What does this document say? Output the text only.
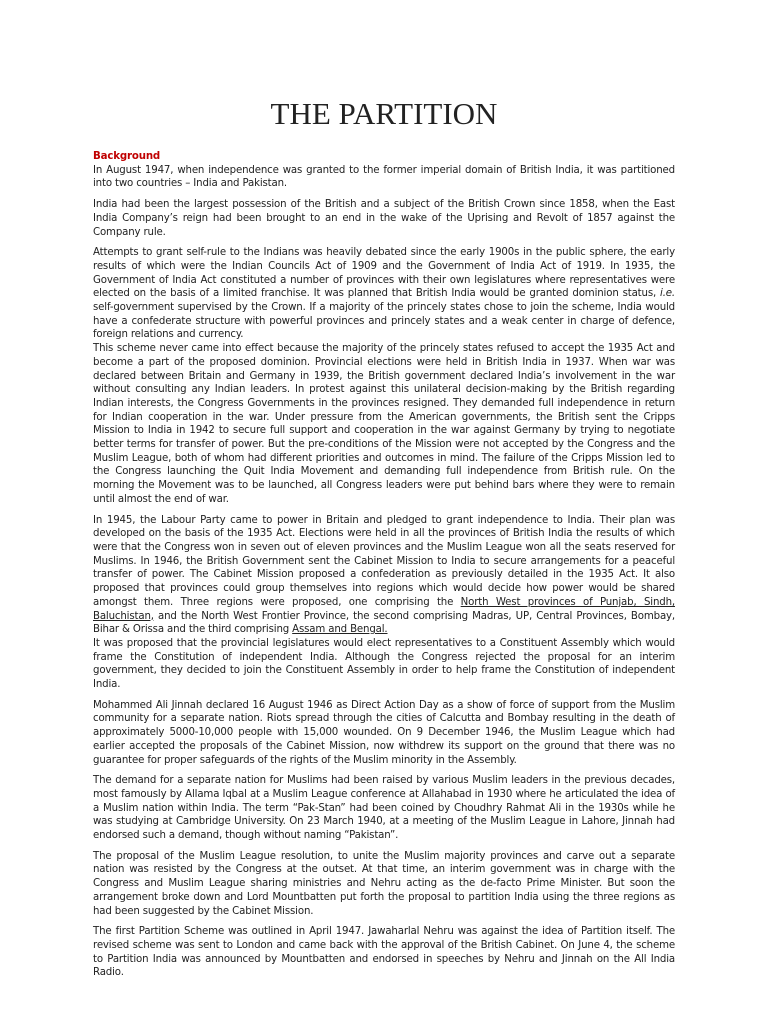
THE PARTITION
Background

In August 1947, when independence was granted to the former imperial domain of British India, it was partitioned into two countries – India and Pakistan.

India had been the largest possession of the British and a subject of the British Crown since 1858, when the East India Company’s reign had been brought to an end in the wake of the Uprising and Revolt of 1857 against the Company rule.

Attempts to grant self-rule to the Indians was heavily debated since the early 1900s in the public sphere, the early results of which were the Indian Councils Act of 1909 and the Government of India Act of 1919. In 1935, the Government of India Act constituted a number of provinces with their own legislatures where representatives were elected on the basis of a limited franchise. It was planned that British India would be granted dominion status, i.e. self-government supervised by the Crown. If a majority of the princely states chose to join the scheme, India would have a confederate structure with powerful provinces and princely states and a weak center in charge of defence, foreign relations and currency.

This scheme never came into effect because the majority of the princely states refused to accept the 1935 Act and become a part of the proposed dominion. Provincial elections were held in British India in 1937. When war was declared between Britain and Germany in 1939, the British government declared India’s involvement in the war without consulting any Indian leaders. In protest against this unilateral decision-making by the British regarding Indian interests, the Congress Governments in the provinces resigned. They demanded full independence in return for Indian cooperation in the war. Under pressure from the American governments, the British sent the Cripps Mission to India in 1942 to secure full support and cooperation in the war against Germany by trying to negotiate better terms for transfer of power. But the pre-conditions of the Mission were not accepted by the Congress and the Muslim League, both of whom had different priorities and outcomes in mind. The failure of the Cripps Mission led to the Congress launching the Quit India Movement and demanding full independence from British rule. On the morning the Movement was to be launched, all Congress leaders were put behind bars where they were to remain until almost the end of war.

In 1945, the Labour Party came to power in Britain and pledged to grant independence to India. Their plan was developed on the basis of the 1935 Act. Elections were held in all the provinces of British India the results of which were that the Congress won in seven out of eleven provinces and the Muslim League won all the seats reserved for Muslims. In 1946, the British Government sent the Cabinet Mission to India to secure arrangements for a peaceful transfer of power. The Cabinet Mission proposed a confederation as previously detailed in the 1935 Act. It also proposed that provinces could group themselves into regions which would decide how power would be shared amongst them. Three regions were proposed, one comprising the North West provinces of Punjab, Sindh, Baluchistan, and the North West Frontier Province, the second comprising Madras, UP, Central Provinces, Bombay, Bihar & Orissa and the third comprising Assam and Bengal.

It was proposed that the provincial legislatures would elect representatives to a Constituent Assembly which would frame the Constitution of independent India. Although the Congress rejected the proposal for an interim government, they decided to join the Constituent Assembly in order to help frame the Constitution of independent India.

Mohammed Ali Jinnah declared 16 August 1946 as Direct Action Day as a show of force of support from the Muslim community for a separate nation. Riots spread through the cities of Calcutta and Bombay resulting in the death of approximately 5000-10,000 people with 15,000 wounded. On 9 December 1946, the Muslim League which had earlier accepted the proposals of the Cabinet Mission, now withdrew its support on the ground that there was no guarantee for proper safeguards of the rights of the Muslim minority in the Assembly.

The demand for a separate nation for Muslims had been raised by various Muslim leaders in the previous decades, most famously by Allama Iqbal at a Muslim League conference at Allahabad in 1930 where he articulated the idea of a Muslim nation within India. The term “Pak-Stan” had been coined by Choudhry Rahmat Ali in the 1930s while he was studying at Cambridge University. On 23 March 1940, at a meeting of the Muslim League in Lahore, Jinnah had endorsed such a demand, though without naming “Pakistan”.

The proposal of the Muslim League resolution, to unite the Muslim majority provinces and carve out a separate nation was resisted by the Congress at the outset. At that time, an interim government was in charge with the Congress and Muslim League sharing ministries and Nehru acting as the de-facto Prime Minister. But soon the arrangement broke down and Lord Mountbatten put forth the proposal to partition India using the three regions as had been suggested by the Cabinet Mission.

The first Partition Scheme was outlined in April 1947. Jawaharlal Nehru was against the idea of Partition itself. The revised scheme was sent to London and came back with the approval of the British Cabinet. On June 4, the scheme to Partition India was announced by Mountbatten and endorsed in speeches by Nehru and Jinnah on the All India Radio.
